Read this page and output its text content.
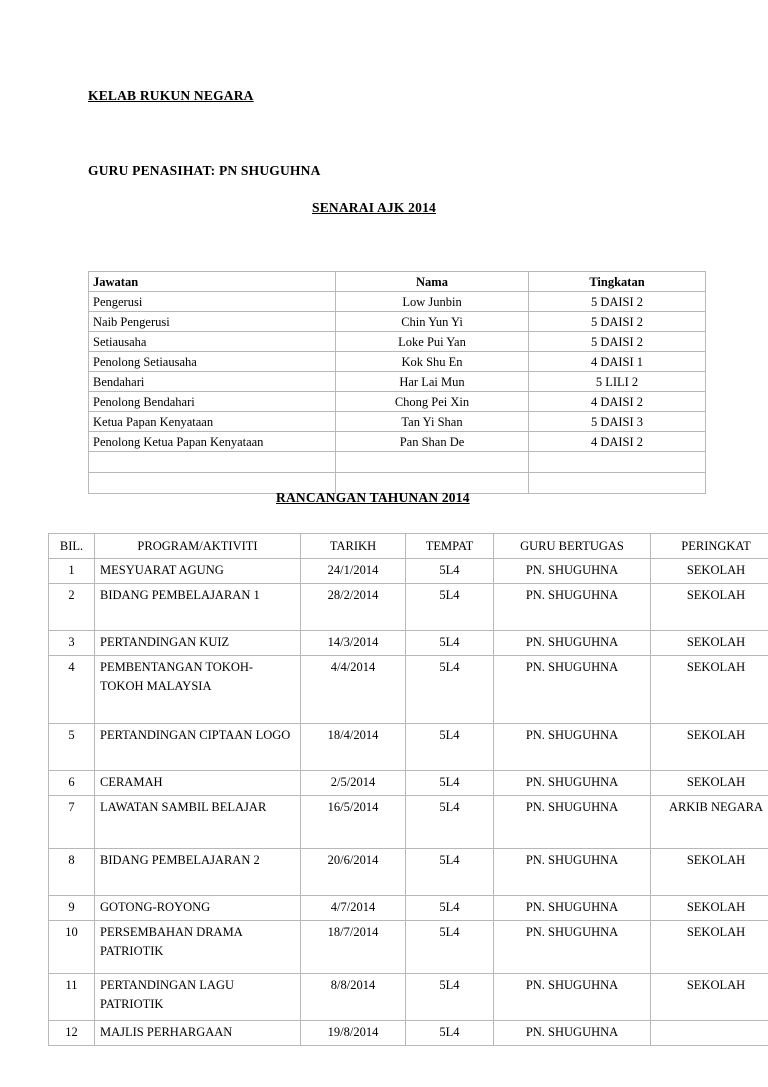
KELAB RUKUN NEGARA
GURU PENASIHAT: PN SHUGUHNA
SENARAI AJK 2014
Jawatan	Nama	Tingkatan
Pengerusi	Low Junbin	5 DAISI 2
Naib Pengerusi	Chin Yun Yi	5 DAISI 2
Setiausaha	Loke Pui Yan	5 DAISI 2
Penolong Setiausaha	Kok Shu En	4 DAISI 1
Bendahari	Har Lai Mun	5 LILI 2
Penolong Bendahari	Chong Pei Xin	4 DAISI 2
Ketua Papan Kenyataan	Tan Yi Shan	5 DAISI 3
Penolong Ketua Papan Kenyataan	Pan Shan De	4 DAISI 2

RANCANGAN TAHUNAN 2014
BIL.	PROGRAM/AKTIVITI	TARIKH	TEMPAT	GURU BERTUGAS	PERINGKAT
1	MESYUARAT AGUNG	24/1/2014	5L4	PN. SHUGUHNA	SEKOLAH
2	BIDANG PEMBELAJARAN 1	28/2/2014	5L4	PN. SHUGUHNA	SEKOLAH
3	PERTANDINGAN KUIZ	14/3/2014	5L4	PN. SHUGUHNA	SEKOLAH
4	PEMBENTANGAN TOKOH-TOKOH MALAYSIA	4/4/2014	5L4	PN. SHUGUHNA	SEKOLAH
5	PERTANDINGAN CIPTAAN LOGO	18/4/2014	5L4	PN. SHUGUHNA	SEKOLAH
6	CERAMAH	2/5/2014	5L4	PN. SHUGUHNA	SEKOLAH
7	LAWATAN SAMBIL BELAJAR	16/5/2014	5L4	PN. SHUGUHNA	ARKIB NEGARA
8	BIDANG PEMBELAJARAN 2	20/6/2014	5L4	PN. SHUGUHNA	SEKOLAH
9	GOTONG-ROYONG	4/7/2014	5L4	PN. SHUGUHNA	SEKOLAH
10	PERSEMBAHAN DRAMA PATRIOTIK	18/7/2014	5L4	PN. SHUGUHNA	SEKOLAH
11	PERTANDINGAN LAGU PATRIOTIK	8/8/2014	5L4	PN. SHUGUHNA	SEKOLAH
12	MAJLIS PERHARGAAN	19/8/2014	5L4	PN. SHUGUHNA	
